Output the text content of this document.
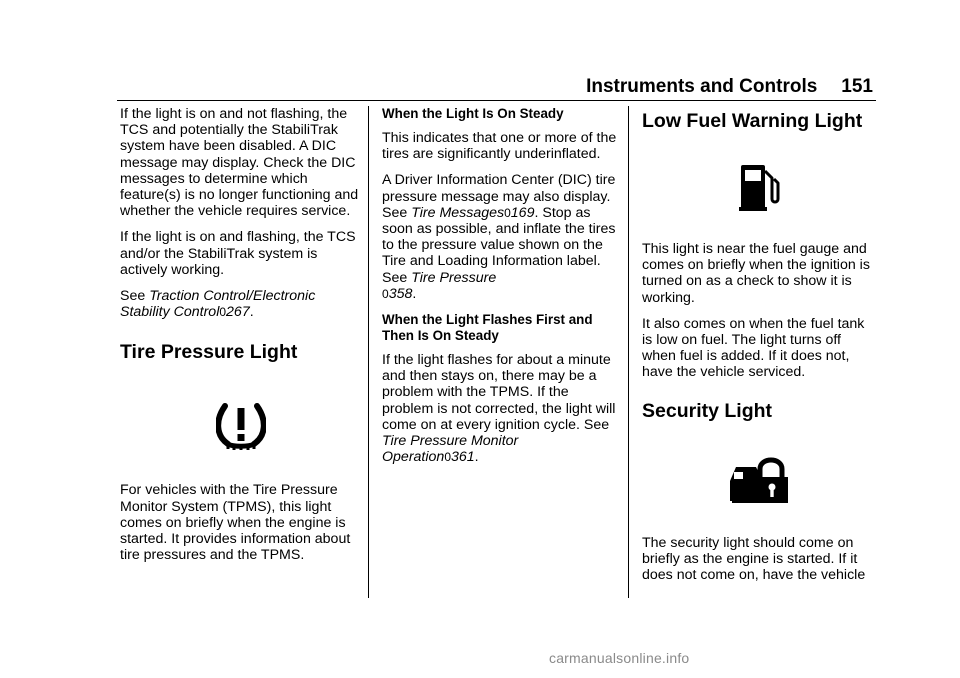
Instruments and Controls 151

If the light is on and not flashing, the TCS and potentially the StabiliTrak system have been disabled. A DIC message may display. Check the DIC messages to determine which feature(s) is no longer functioning and whether the vehicle requires service.

If the light is on and flashing, the TCS and/or the StabiliTrak system is actively working.

See Traction Control/Electronic
Stability Control0267.

Tire Pressure Light

For vehicles with the Tire Pressure Monitor System (TPMS), this light comes on briefly when the engine is started. It provides information about tire pressures and the TPMS.

When the Light Is On Steady

This indicates that one or more of the tires are significantly underinflated.

A Driver Information Center (DIC) tire pressure message may also display. See Tire Messages0169. Stop as soon as possible, and inflate the tires to the pressure value shown on the Tire and Loading Information label. See Tire Pressure
0358.

When the Light Flashes First and Then Is On Steady

If the light flashes for about a minute and then stays on, there may be a problem with the TPMS. If the problem is not corrected, the light will come on at every ignition cycle. See Tire Pressure Monitor
Operation0361.

Low Fuel Warning Light

This light is near the fuel gauge and comes on briefly when the ignition is turned on as a check to show it is working.

It also comes on when the fuel tank is low on fuel. The light turns off when fuel is added. If it does not, have the vehicle serviced.

Security Light

The security light should come on briefly as the engine is started. If it does not come on, have the vehicle

carmanualsonline.info
